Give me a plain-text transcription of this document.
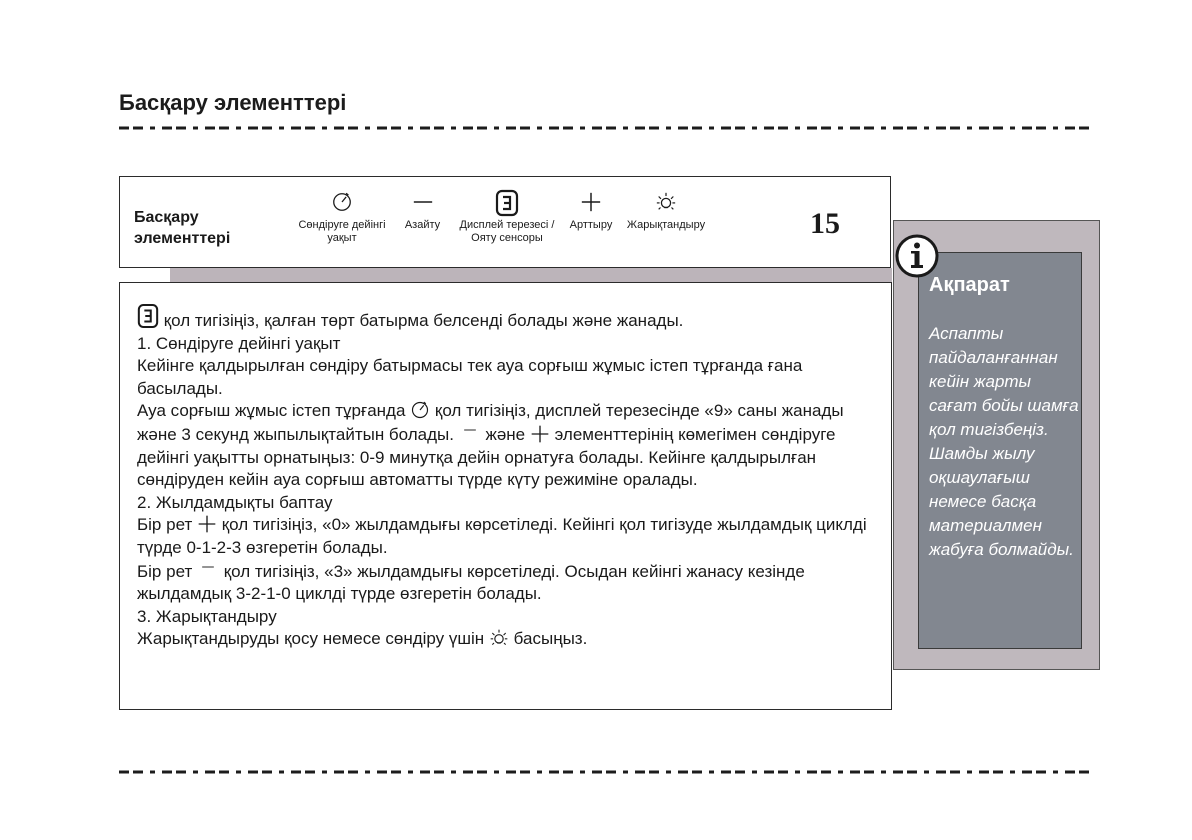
Басқару элементтері
Басқару элементтері
Сөндіруге дейінгі уақыт
Азайту	Дисплей терезесі / Ояту сенсоры
Арттыру	Жарықтандыру	15
Ақпарат
Аспапты пайдаланғаннан кейін жарты сағат бойы шамға қол тигізбеңіз. Шамды жылу оқшаулағыш немесе басқа материалмен жабуға болмайды.

қол тигізіңіз, қалған төрт батырма белсенді болады және жанады.

1. Сөндіруге дейінгі уақыт

Кейінге қалдырылған сөндіру батырмасы тек ауа сорғыш жұмыс істеп тұрғанда ғана басылады.

Ауа сорғыш жұмыс істеп тұрғанда қол тигізіңіз, дисплей терезесінде «9» саны жанады және 3 секунд жыпылықтайтын болады. және элементтерінің көмегімен сөндіруге дейінгі уақытты орнатыңыз: 0-9 минутқа дейін орнатуға болады. Кейінге қалдырылған сөндіруден кейін ауа сорғыш автоматты түрде күту режиміне оралады.

2. Жылдамдықты баптау

Бір рет қол тигізіңіз, «0» жылдамдығы көрсетіледі. Кейінгі қол тигізуде жылдамдық циклді түрде 0-1-2-3 өзгеретін болады.

Бір рет қол тигізіңіз, «3» жылдамдығы көрсетіледі. Осыдан кейінгі жанасу кезінде жылдамдық 3-2-1-0 циклді түрде өзгеретін болады.

3. Жарықтандыру

Жарықтандыруды қосу немесе сөндіру үшін басыңыз.
